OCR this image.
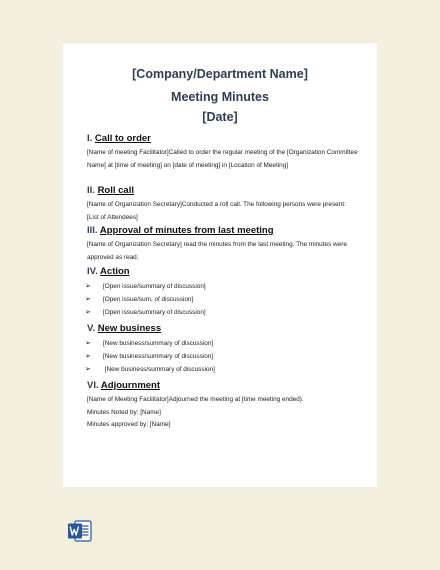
[Company/Department Name]
Meeting Minutes
[Date]
I. Call to order
[Name of meeting Facilitator]Called to order the regular meeting of the [Organization Committee
Name] at [time of meeting] on [date of meeting] in [Location of Meeting]
II. Roll call
[Name of Organization Secretary]Conducted a roll call. The following persons were present:
[List of Attendees]
III. Approval of minutes from last meeting
[Name of Organization Secretary] read the minutes from the last meeting. The minutes were
approved as read.
IV. Action
➢ [Open issue/summary of discussion]
➢ [Open issue/sum, of discussion]
➢ [Open issue/summary of discussion]
V. New business
➢ [New business/summary of discussion]
➢ [New business/summary of discussion]
➢ [New business/summary of discussion]
VI. Adjournment
[Name of Meeting Facilitator]Adjourned the meeting at [time meeting ended).
Minutes Noted by: [Name]
Minutes approved by: [Name]
